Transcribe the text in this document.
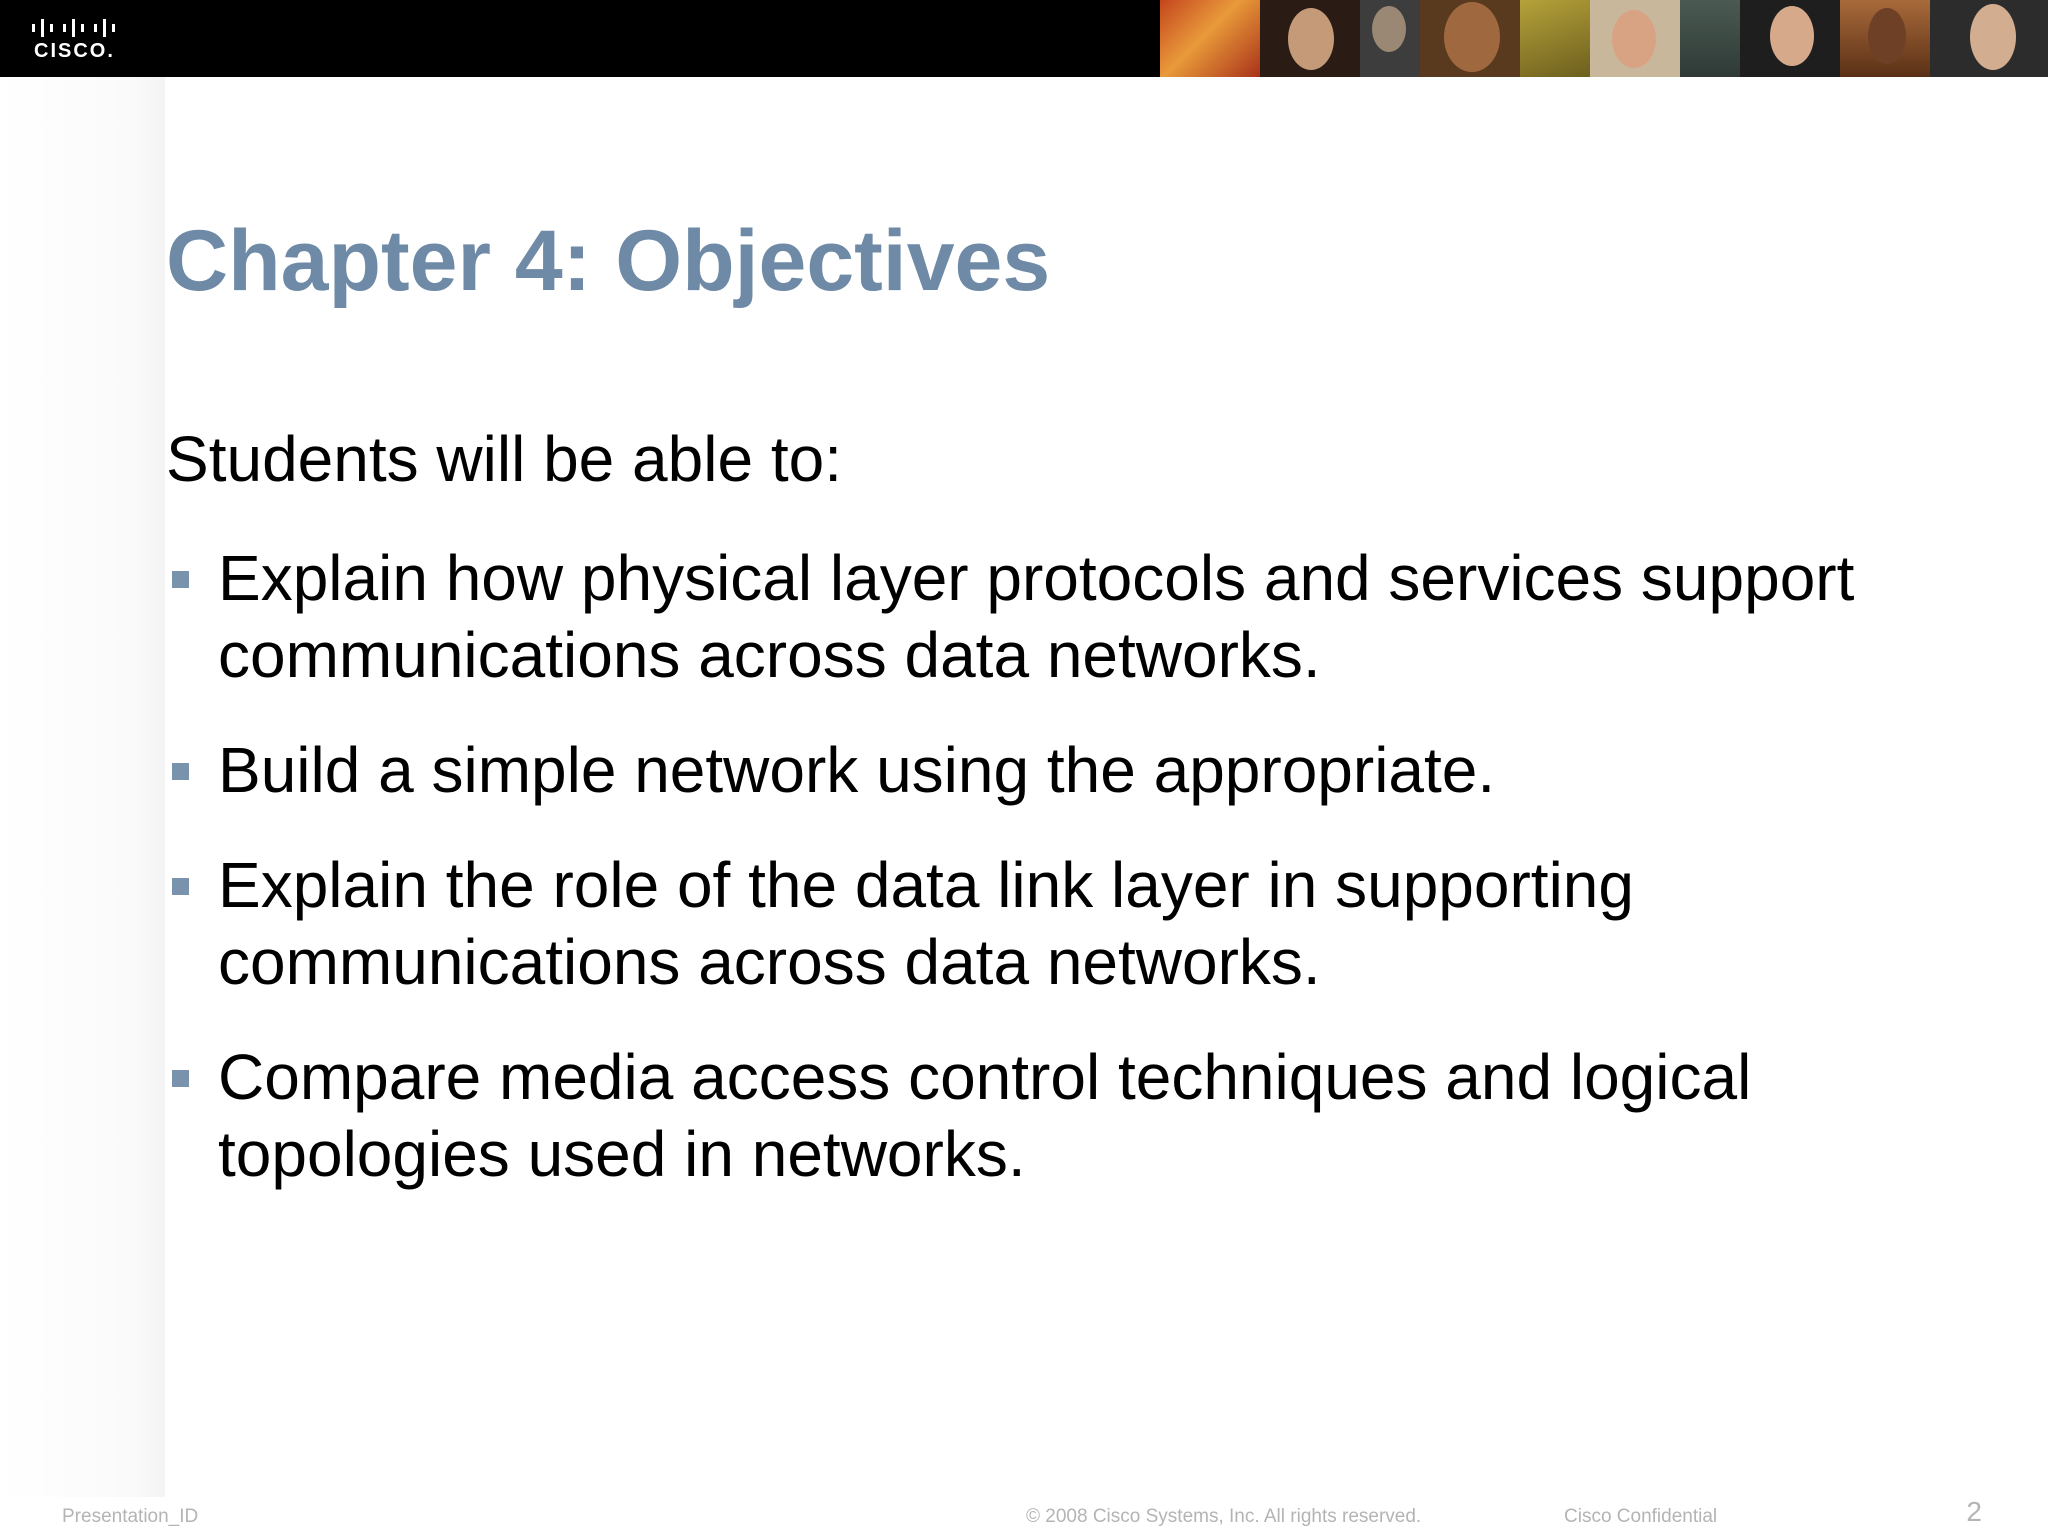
CISCO.
Chapter 4: Objectives
Students will be able to:
Explain how physical layer protocols and services support communications across data networks.
Build a simple network using the appropriate.
Explain the role of the data link layer in supporting communications across data networks.
Compare media access control techniques and logical topologies used in networks.
Presentation_ID	© 2008 Cisco Systems, Inc. All rights reserved.	Cisco Confidential	2
